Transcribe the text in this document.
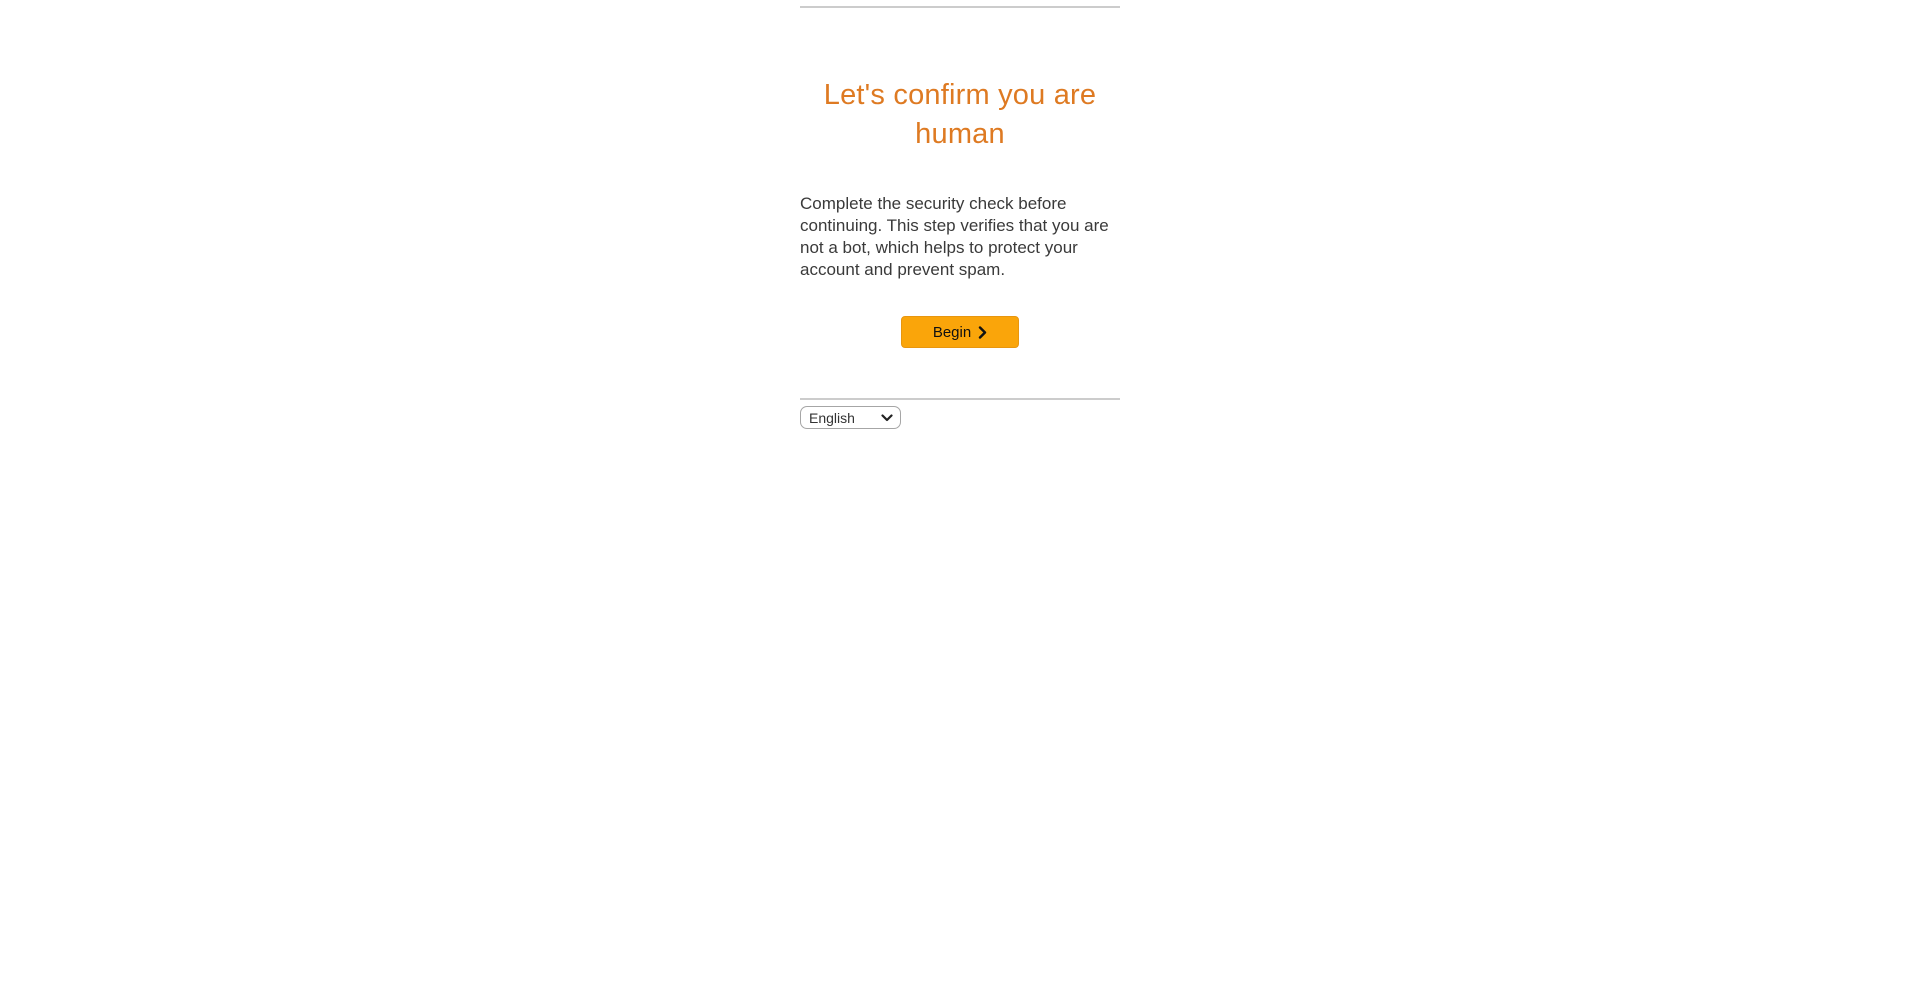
Let's confirm you are human

Complete the security check before continuing. This step verifies that you are not a bot, which helps to protect your account and prevent spam.

Begin
English
